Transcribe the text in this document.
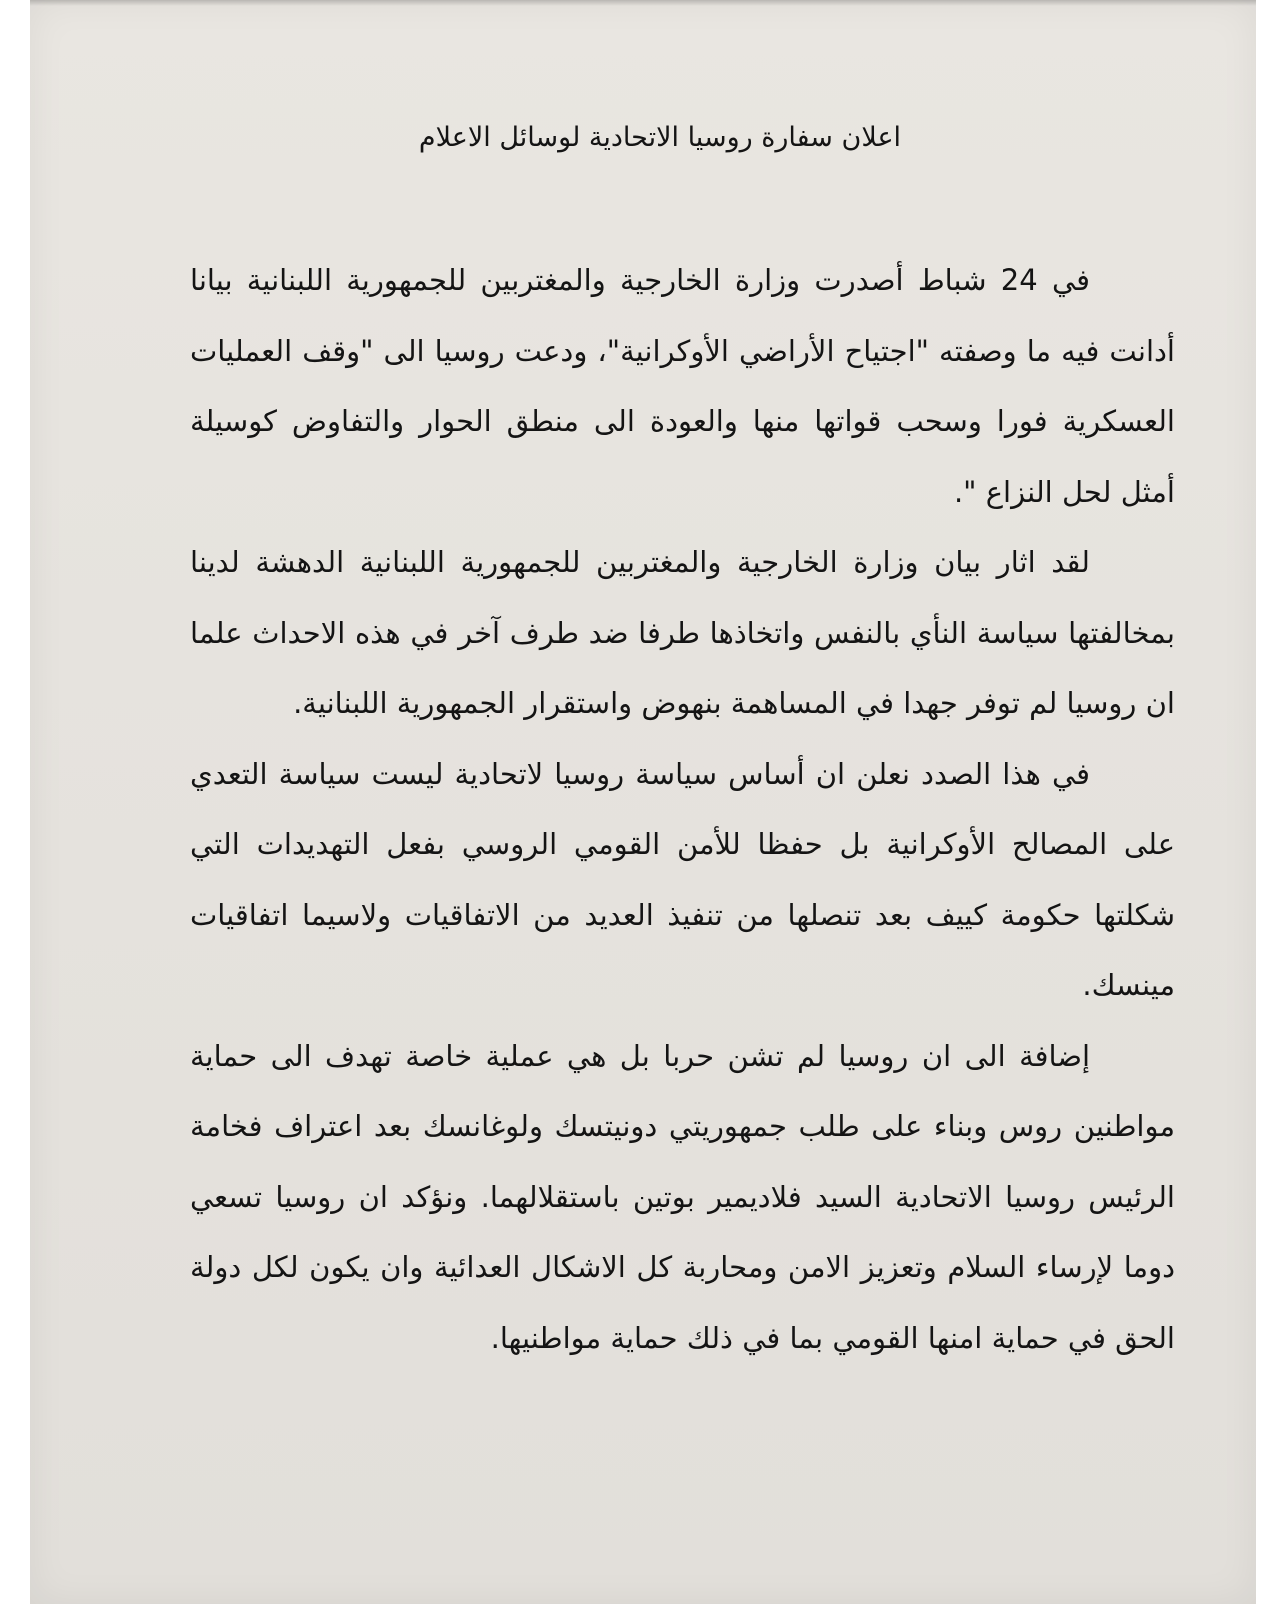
اعلان سفارة روسيا الاتحادية لوسائل الاعلام

في 24 شباط أصدرت وزارة الخارجية والمغتربين للجمهورية اللبنانية بيانا أدانت فيه ما وصفته "اجتياح الأراضي الأوكرانية"، ودعت روسيا الى "وقف العمليات العسكرية فورا وسحب قواتها منها والعودة الى منطق الحوار والتفاوض كوسيلة أمثل لحل النزاع ".

لقد اثار بيان وزارة الخارجية والمغتربين للجمهورية اللبنانية الدهشة لدينا بمخالفتها سياسة النأي بالنفس واتخاذها طرفا ضد طرف آخر في هذه الاحداث علما ان روسيا لم توفر جهدا في المساهمة بنهوض واستقرار الجمهورية اللبنانية.

في هذا الصدد نعلن ان أساس سياسة روسيا لاتحادية ليست سياسة التعدي على المصالح الأوكرانية بل حفظا للأمن القومي الروسي بفعل التهديدات التي شكلتها حكومة كييف بعد تنصلها من تنفيذ العديد من الاتفاقيات ولاسيما اتفاقيات مينسك.

إضافة الى ان روسيا لم تشن حربا بل هي عملية خاصة تهدف الى حماية مواطنين روس وبناء على طلب جمهوريتي دونيتسك ولوغانسك بعد اعتراف فخامة الرئيس روسيا الاتحادية السيد فلاديمير بوتين باستقلالهما. ونؤكد ان روسيا تسعي دوما لإرساء السلام وتعزيز الامن ومحاربة كل الاشكال العدائية وان يكون لكل دولة الحق في حماية امنها القومي بما في ذلك حماية مواطنيها.
